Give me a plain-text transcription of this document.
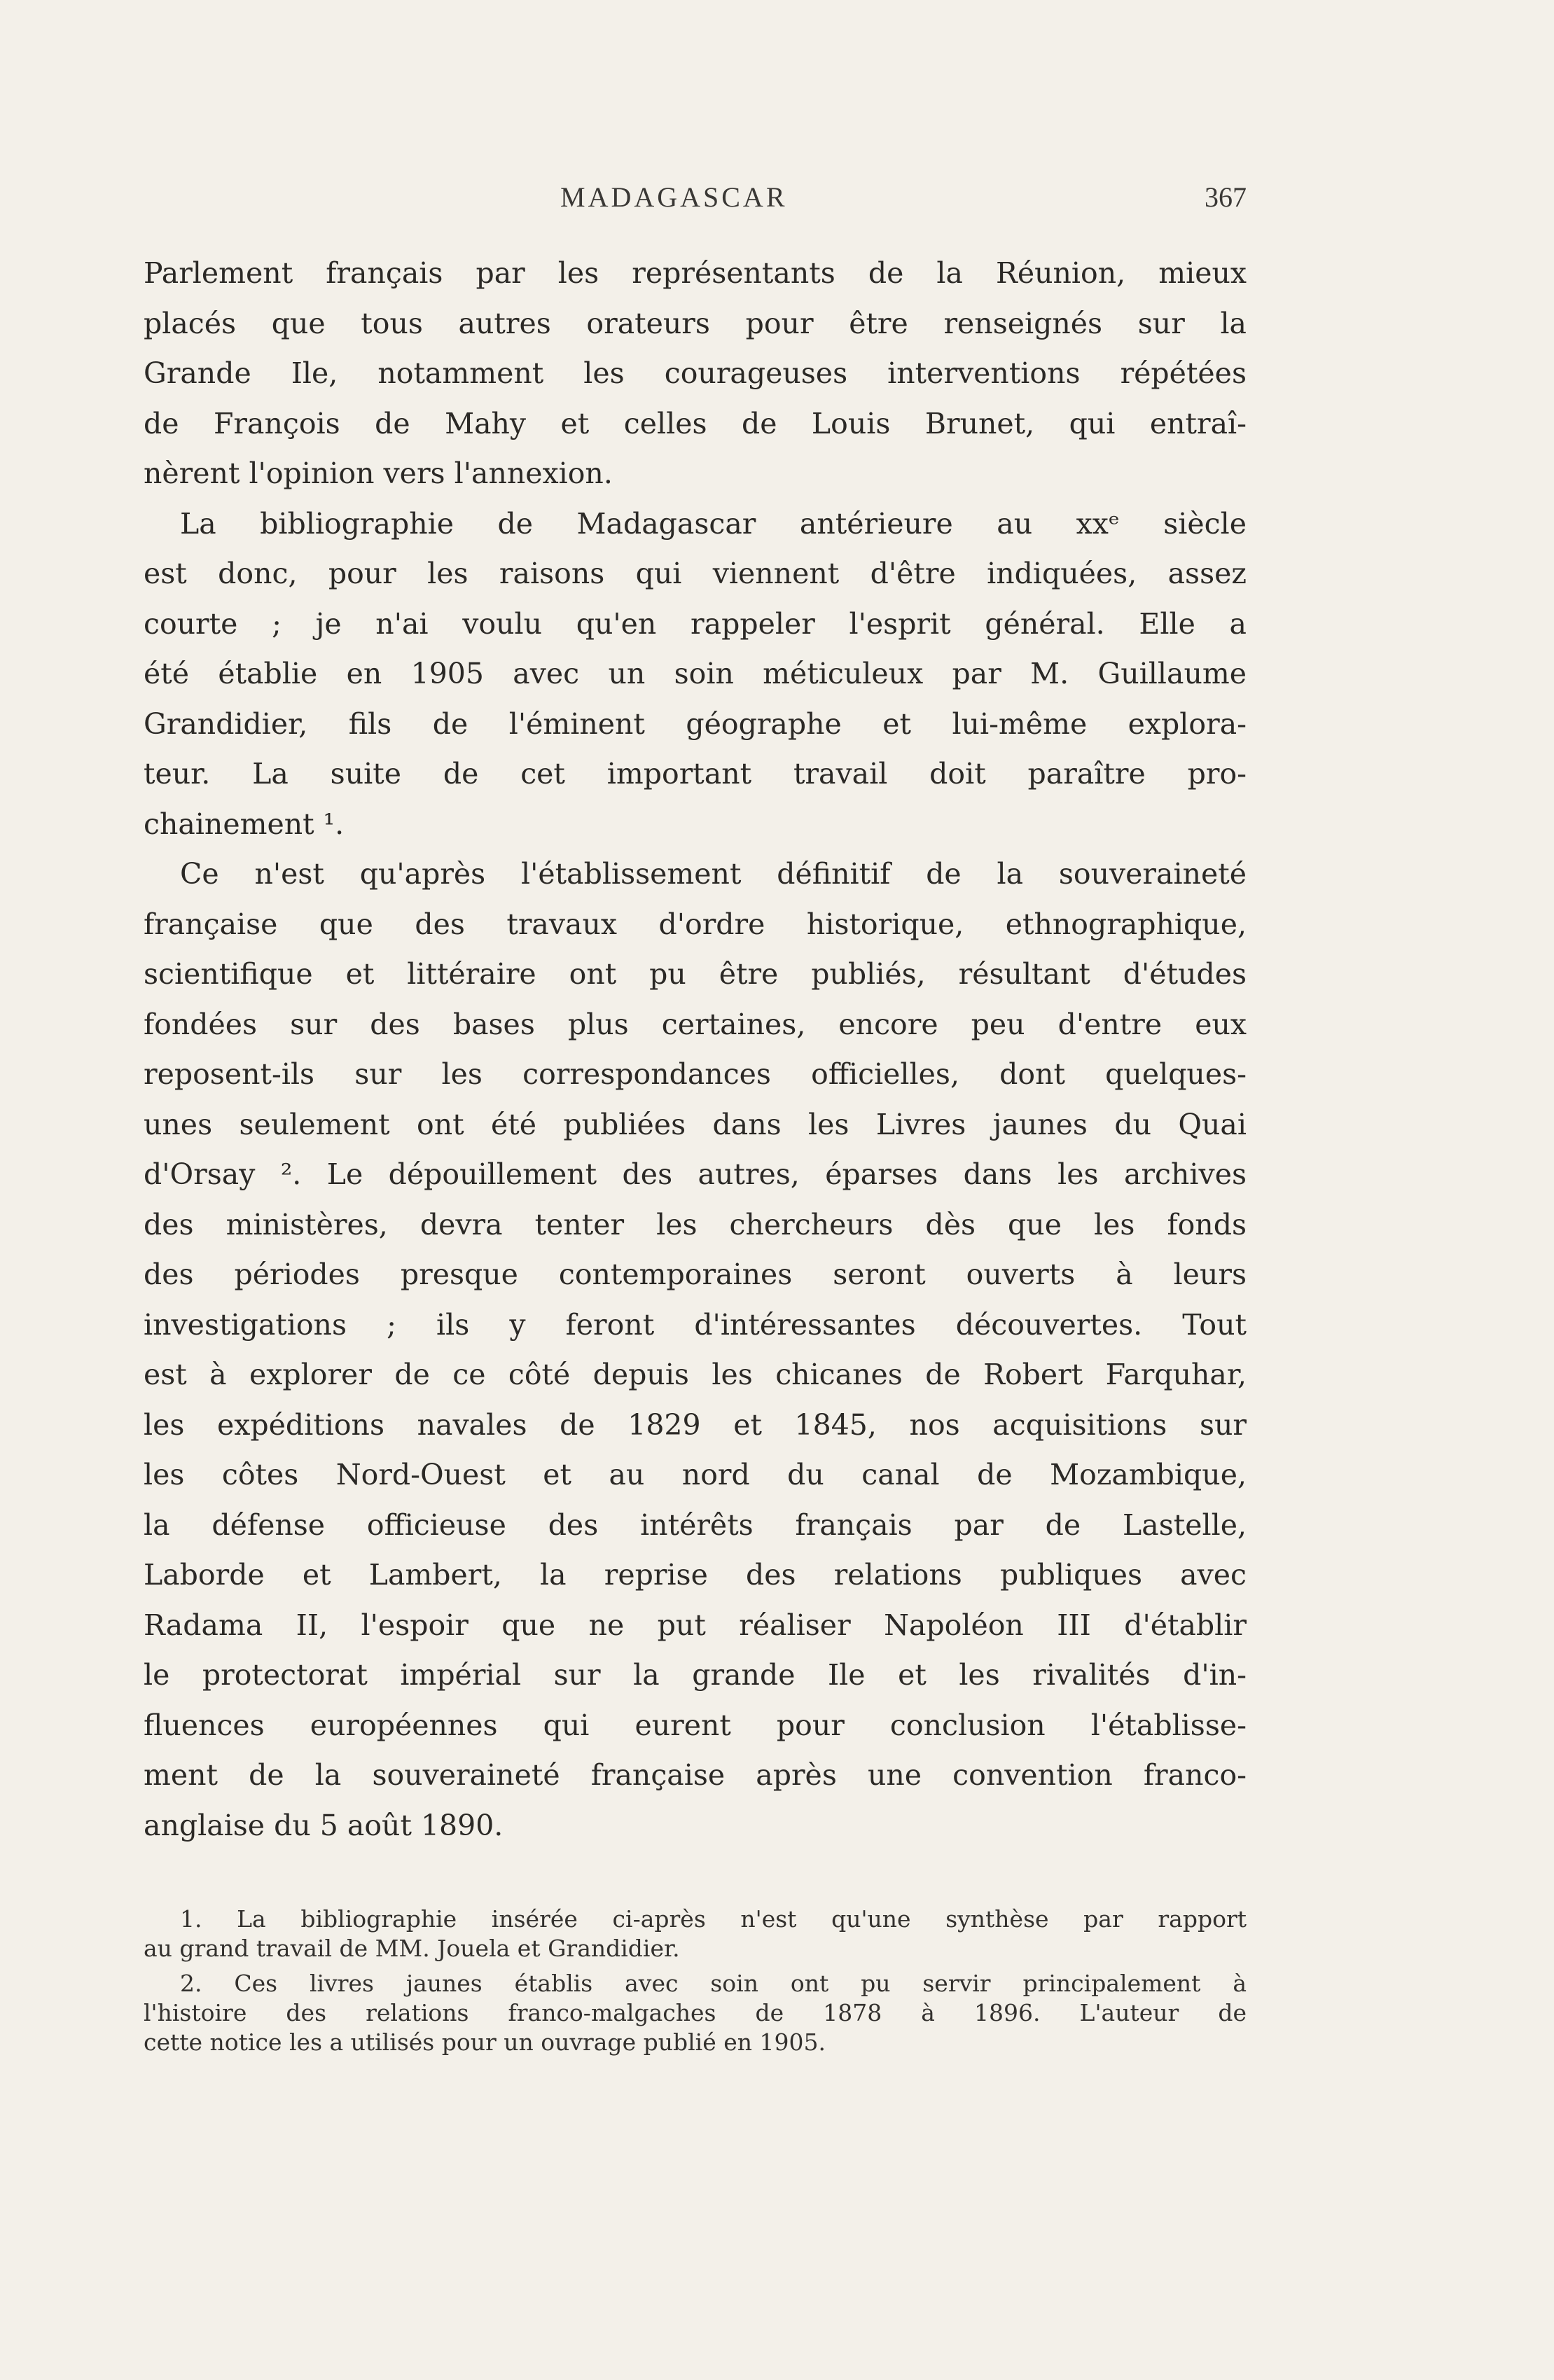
MADAGASCAR	367
Parlement français par les représentants de la Réunion, mieux
placés que tous autres orateurs pour être renseignés sur la
Grande Ile, notamment les courageuses interventions répétées
de François de Mahy et celles de Louis Brunet, qui entraî-
nèrent l'opinion vers l'annexion.
La bibliographie de Madagascar antérieure au xxᵉ siècle
est donc, pour les raisons qui viennent d'être indiquées, assez
courte ; je n'ai voulu qu'en rappeler l'esprit général. Elle a
été établie en 1905 avec un soin méticuleux par M. Guillaume
Grandidier, fils de l'éminent géographe et lui-même explora-
teur. La suite de cet important travail doit paraître pro-
chainement ¹.
Ce n'est qu'après l'établissement définitif de la souveraineté
française que des travaux d'ordre historique, ethnographique,
scientifique et littéraire ont pu être publiés, résultant d'études
fondées sur des bases plus certaines, encore peu d'entre eux
reposent-ils sur les correspondances officielles, dont quelques-
unes seulement ont été publiées dans les Livres jaunes du Quai
d'Orsay ². Le dépouillement des autres, éparses dans les archives
des ministères, devra tenter les chercheurs dès que les fonds
des périodes presque contemporaines seront ouverts à leurs
investigations ; ils y feront d'intéressantes découvertes. Tout
est à explorer de ce côté depuis les chicanes de Robert Farquhar,
les expéditions navales de 1829 et 1845, nos acquisitions sur
les côtes Nord-Ouest et au nord du canal de Mozambique,
la défense officieuse des intérêts français par de Lastelle,
Laborde et Lambert, la reprise des relations publiques avec
Radama II, l'espoir que ne put réaliser Napoléon III d'établir
le protectorat impérial sur la grande Ile et les rivalités d'in-
fluences européennes qui eurent pour conclusion l'établisse-
ment de la souveraineté française après une convention franco-
anglaise du 5 août 1890.
1. La bibliographie insérée ci-après n'est qu'une synthèse par rapport
au grand travail de MM. Jouela et Grandidier.
2. Ces livres jaunes établis avec soin ont pu servir principalement à
l'histoire des relations franco-malgaches de 1878 à 1896. L'auteur de
cette notice les a utilisés pour un ouvrage publié en 1905.
